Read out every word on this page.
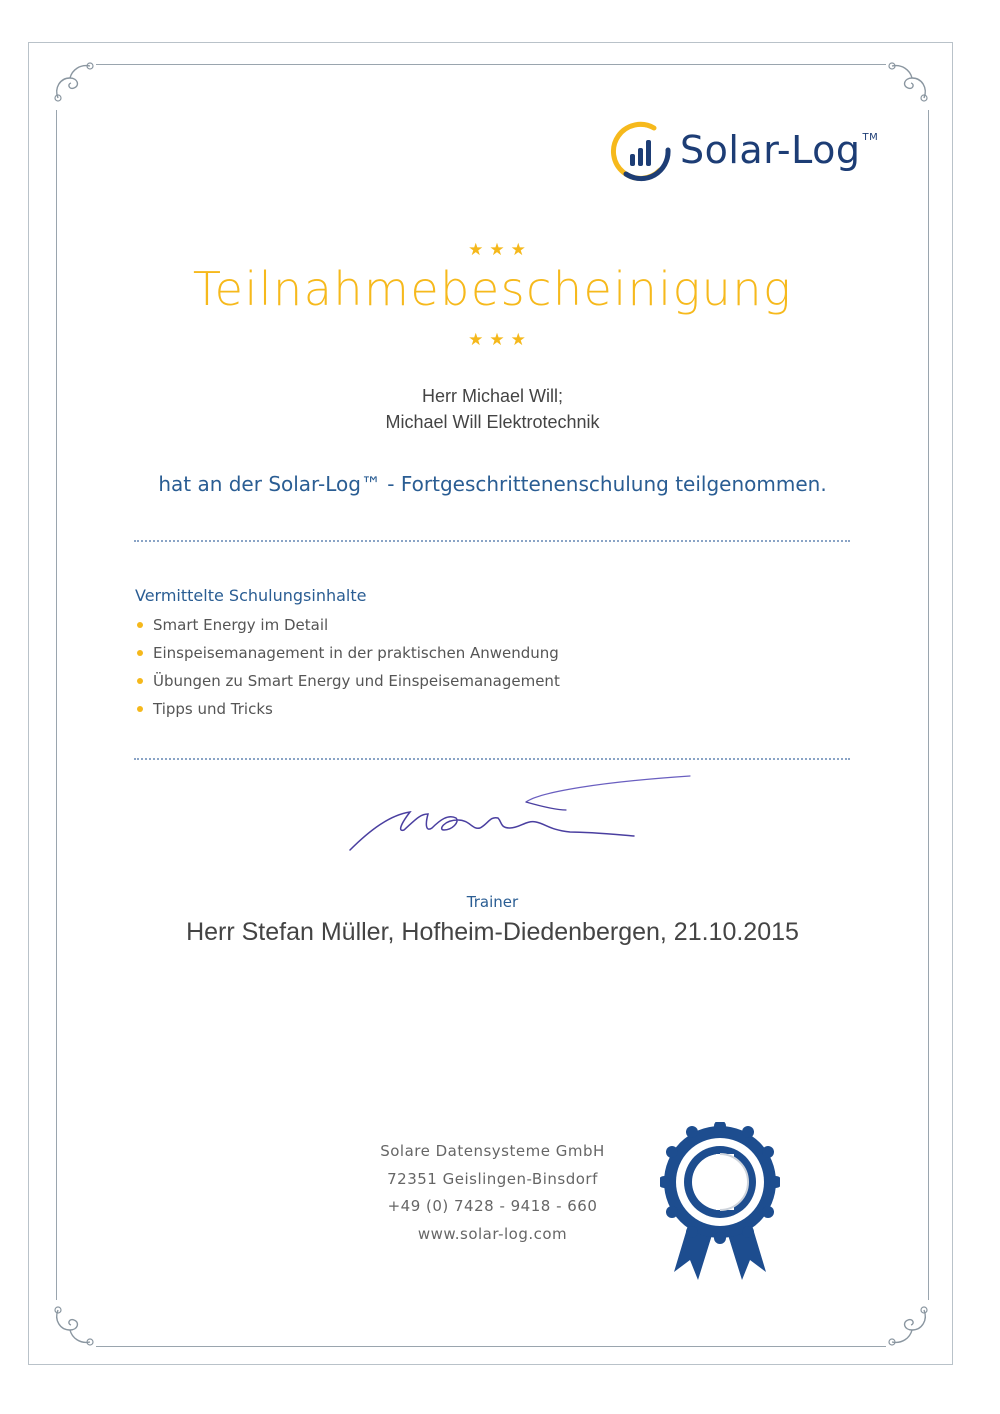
Solar-Log ™
★★★
Teilnahmebescheinigung
★★★
Herr Michael Will;
Michael Will Elektrotechnik
hat an der Solar-Log™ - Fortgeschrittenenschulung teilgenommen.
Vermittelte Schulungsinhalte
Smart Energy im Detail
Einspeisemanagement in der praktischen Anwendung
Übungen zu Smart Energy und Einspeisemanagement
Tipps und Tricks
Trainer
Herr Stefan Müller, Hofheim-Diedenbergen, 21.10.2015
Solare Datensysteme GmbH
72351 Geislingen-Binsdorf
+49 (0) 7428 - 9418 - 660
www.solar-log.com
